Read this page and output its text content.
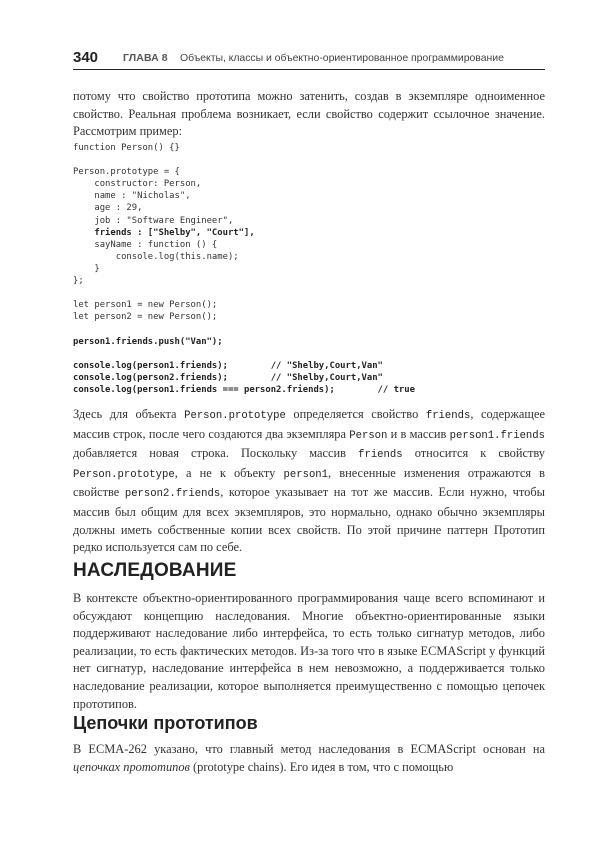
340 ГЛАВА 8 Объекты, классы и объектно-ориентированное программирование

потому что свойство прототипа можно затенить, создав в экземпляре одноименное свойство. Реальная проблема возникает, если свойство содержит ссылочное значение. Рассмотрим пример:

function Person() {}
Person.prototype = {
constructor: Person,
name : "Nicholas",
age : 29,
job : "Software Engineer",
friends : ["Shelby", "Court"],
sayName : function () {
console.log(this.name);
}
};
let person1 = new Person();
let person2 = new Person();
person1.friends.push("Van");
console.log(person1.friends);        // "Shelby,Court,Van"
console.log(person2.friends);        // "Shelby,Court,Van"
console.log(person1.friends === person2.friends);        // true

Здесь для объекта Person.prototype определяется свойство friends, содержащее массив строк, после чего создаются два экземпляра Person и в массив person1.friends добавляется новая строка. Поскольку массив friends относится к свойству Person.prototype, а не к объекту person1, внесенные изменения отражаются в свойстве person2.friends, которое указывает на тот же массив. Если нужно, чтобы массив был общим для всех экземпляров, это нормально, однако обычно экземпляры должны иметь собственные копии всех свойств. По этой причине паттерн Прототип редко используется сам по себе.

НАСЛЕДОВАНИЕ

В контексте объектно-ориентированного программирования чаще всего вспоминают и обсуждают концепцию наследования. Многие объектно-ориентированные языки поддерживают наследование либо интерфейса, то есть только сигнатур методов, либо реализации, то есть фактических методов. Из-за того что в языке ECMAScript у функций нет сигнатур, наследование интерфейса в нем невозможно, а поддерживается только наследование реализации, которое выполняется преимущественно с помощью цепочек прототипов.

Цепочки прототипов

В ECMA-262 указано, что главный метод наследования в ECMAScript основан на цепочках прототипов (prototype chains). Его идея в том, что с помощью
